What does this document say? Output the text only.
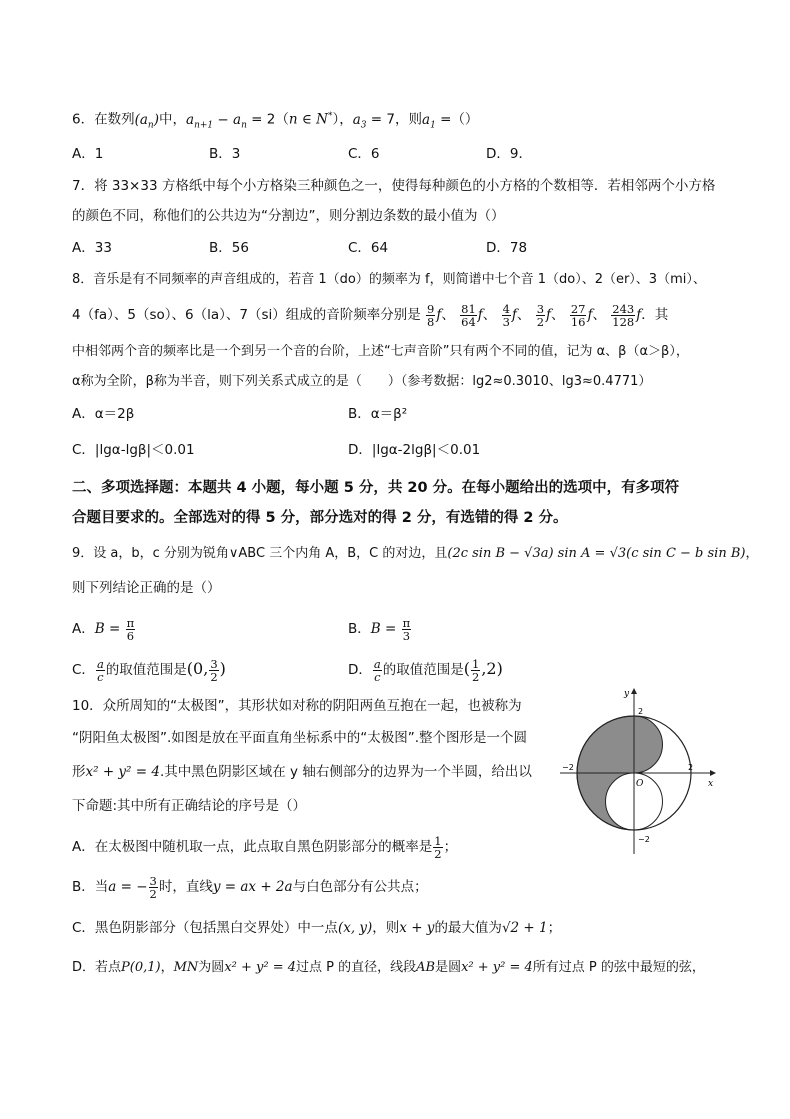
6．在数列$(a_n)$中，$a_{n+1} - a_n = 2(n$ ∈ N*），$a_3 = 7$，则$a_1$ =（）
A．1	B．3	C．6	D．9．
7．将 33×33 方格纸中每个小方格染三种颜色之一，使得每种颜色的小方格的个数相等．若相邻两个小方格
的颜色不同，称他们的公共边为“分割边”，则分割边条数的最小值为（）
A．33	B．56	C．64	D．78
8．音乐是有不同频率的声音组成的，若音 1（do）的频率为 f，则简谱中七个音 1（do）、2（er）、3（mi）、
4（fa）、5（so）、6（la）、7（si）组成的音阶频率分别是 $\frac{9}{8}$ f、 $\frac{81}{64}$ f、 $\frac{4}{3}$ f、 $\frac{3}{2}$ f、 $\frac{27}{16}$ f、 $\frac{243}{128}$ f．其
中相邻两个音的频率比是一个到另一个音的台阶，上述“七声音阶”只有两个不同的值，记为 α、β（α＞β），
α称为全阶，β称为半音，则下列关系式成立的是（　　）（参考数据：lg2≈0.3010、lg3≈0.4771）
A．α＝2β	B．α＝β²
C．|lgα-lgβ|＜0.01	D．|lgα-2lgβ|＜0.01
二、多项选择题：本题共 4 小题，每小题 5 分，共 20 分。在每小题给出的选项中，有多项符
合题目要求的。全部选对的得 5 分，部分选对的得 2 分，有选错的得 2 分。
9．设 a，b，c 分别为锐角∨ABC 三个内角 A，B，C 的对边，且(2c sin B − √3a) sin A = √3(c sin C − b sin B)，
则下列结论正确的是（）
A．$B = \frac{\pi}{6}$	B．$B = \frac{\pi}{3}$
C． $\frac{a}{c}$ 的取值范围是(0, $\frac{3}{2}$ )	D． $\frac{a}{c}$ 的取值范围是( $\frac{1}{2} ,2$)
10．众所周知的“太极图”，其形状如对称的阴阳两鱼互抱在一起，也被称为
“阴阳鱼太极图”.如图是放在平面直角坐标系中的“太极图”.整个图形是一个圆
形x² + y² = 4.其中黑色阴影区域在 y 轴右侧部分的边界为一个半圆，给出以
下命题:其中所有正确结论的序号是（）
A．在太极图中随机取一点，此点取自黑色阴影部分的概率是 $\frac{1}{2}$ ；
B．当a = − $\frac{3}{2}$ 时，直线y = ax + 2a与白色部分有公共点；
C．黑色阴影部分（包括黑白交界处）中一点(x, y)，则x + y的最大值为√2 + 1；
D．若点P(0,1)，MN为圆x² + y² = 4过点 P 的直径，线段AB是圆x² + y² = 4所有过点 P 的弦中最短的弦，
y
x
O
2
−2
2
−2
